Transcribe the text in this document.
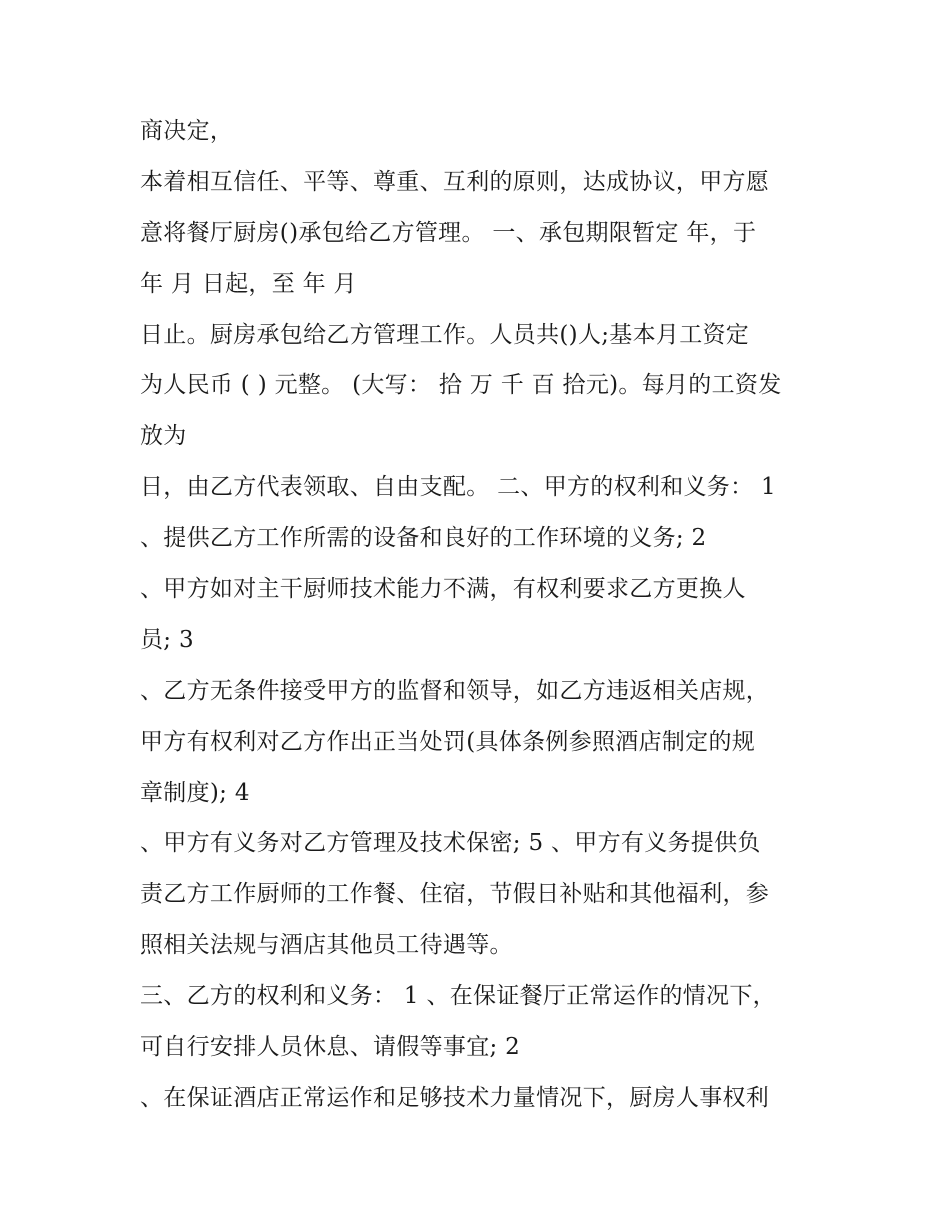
商决定，
本着相互信任、平等、尊重、互利的原则，达成协议，甲方愿
意将餐厅厨房()承包给乙方管理。 一、承包期限暂定 年，于
年 月 日起，至 年 月
日止。厨房承包给乙方管理工作。人员共()人;基本月工资定
为人民币 ( ) 元整。 (大写： 拾 万 千 百 拾元)。每月的工资发
放为
日，由乙方代表领取、自由支配。 二、甲方的权利和义务： 1
、提供乙方工作所需的设备和良好的工作环境的义务; 2
、甲方如对主干厨师技术能力不满，有权利要求乙方更换人
员; 3
、乙方无条件接受甲方的监督和领导，如乙方违返相关店规，
甲方有权利对乙方作出正当处罚(具体条例参照酒店制定的规
章制度); 4
、甲方有义务对乙方管理及技术保密; 5 、甲方有义务提供负
责乙方工作厨师的工作餐、住宿，节假日补贴和其他福利，参
照相关法规与酒店其他员工待遇等。
三、乙方的权利和义务： 1 、在保证餐厅正常运作的情况下，
可自行安排人员休息、请假等事宜; 2
、在保证酒店正常运作和足够技术力量情况下，厨房人事权利
